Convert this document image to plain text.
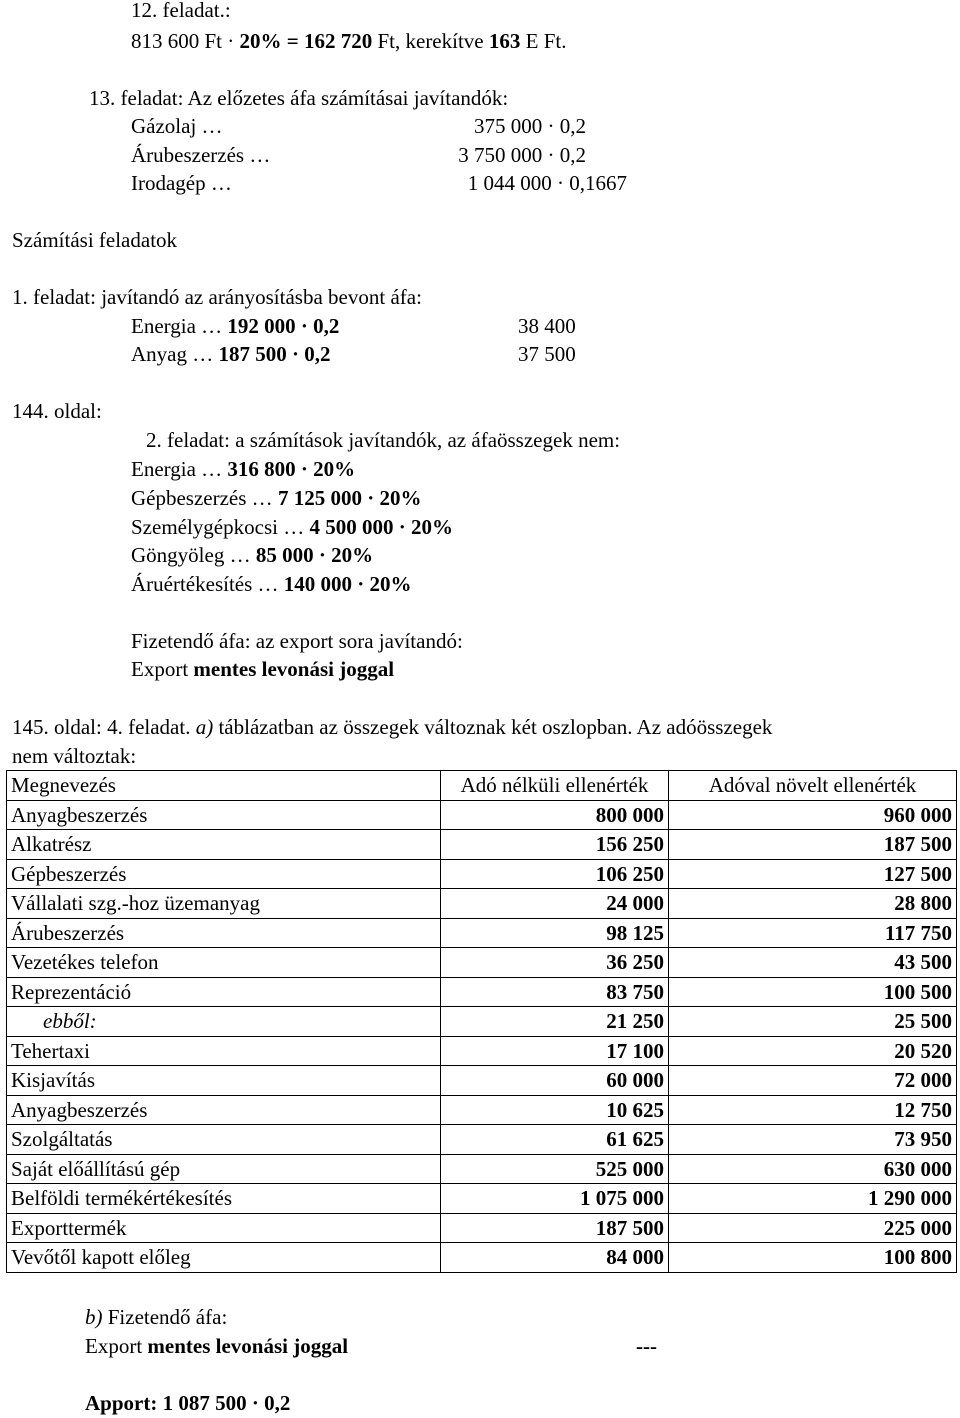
12. feladat.:
813 600 Ft · 20% = 162 720 Ft, kerekítve 163 E Ft.
13. feladat: Az előzetes áfa számításai javítandók:
Gázolaj …	375 000 · 0,2
Árubeszerzés …	3 750 000 · 0,2
Irodagép …	1 044 000 · 0,1667
Számítási feladatok
1. feladat: javítandó az arányosításba bevont áfa:
Energia … 192 000 · 0,2	38 400
Anyag … 187 500 · 0,2	37 500
144. oldal:
2. feladat: a számítások javítandók, az áfaösszegek nem:
Energia … 316 800 · 20%
Gépbeszerzés … 7 125 000 · 20%
Személygépkocsi … 4 500 000 · 20%
Göngyöleg … 85 000 · 20%
Áruértékesítés … 140 000 · 20%
Fizetendő áfa: az export sora javítandó:
Export mentes levonási joggal
145. oldal: 4. feladat. a) táblázatban az összegek változnak két oszlopban. Az adóösszegek
nem változtak:
Megnevezés	Adó nélküli ellenérték	Adóval növelt ellenérték
Anyagbeszerzés	800 000	960 000
Alkatrész	156 250	187 500
Gépbeszerzés	106 250	127 500
Vállalati szg.-hoz üzemanyag	24 000	28 800
Árubeszerzés	98 125	117 750
Vezetékes telefon	36 250	43 500
Reprezentáció	83 750	100 500
ebből:	21 250	25 500
Tehertaxi	17 100	20 520
Kisjavítás	60 000	72 000
Anyagbeszerzés	10 625	12 750
Szolgáltatás	61 625	73 950
Saját előállítású gép	525 000	630 000
Belföldi termékértékesítés	1 075 000	1 290 000
Exporttermék	187 500	225 000
Vevőtől kapott előleg	84 000	100 800
b) Fizetendő áfa:
Export mentes levonási joggal	---
Apport: 1 087 500 · 0,2
